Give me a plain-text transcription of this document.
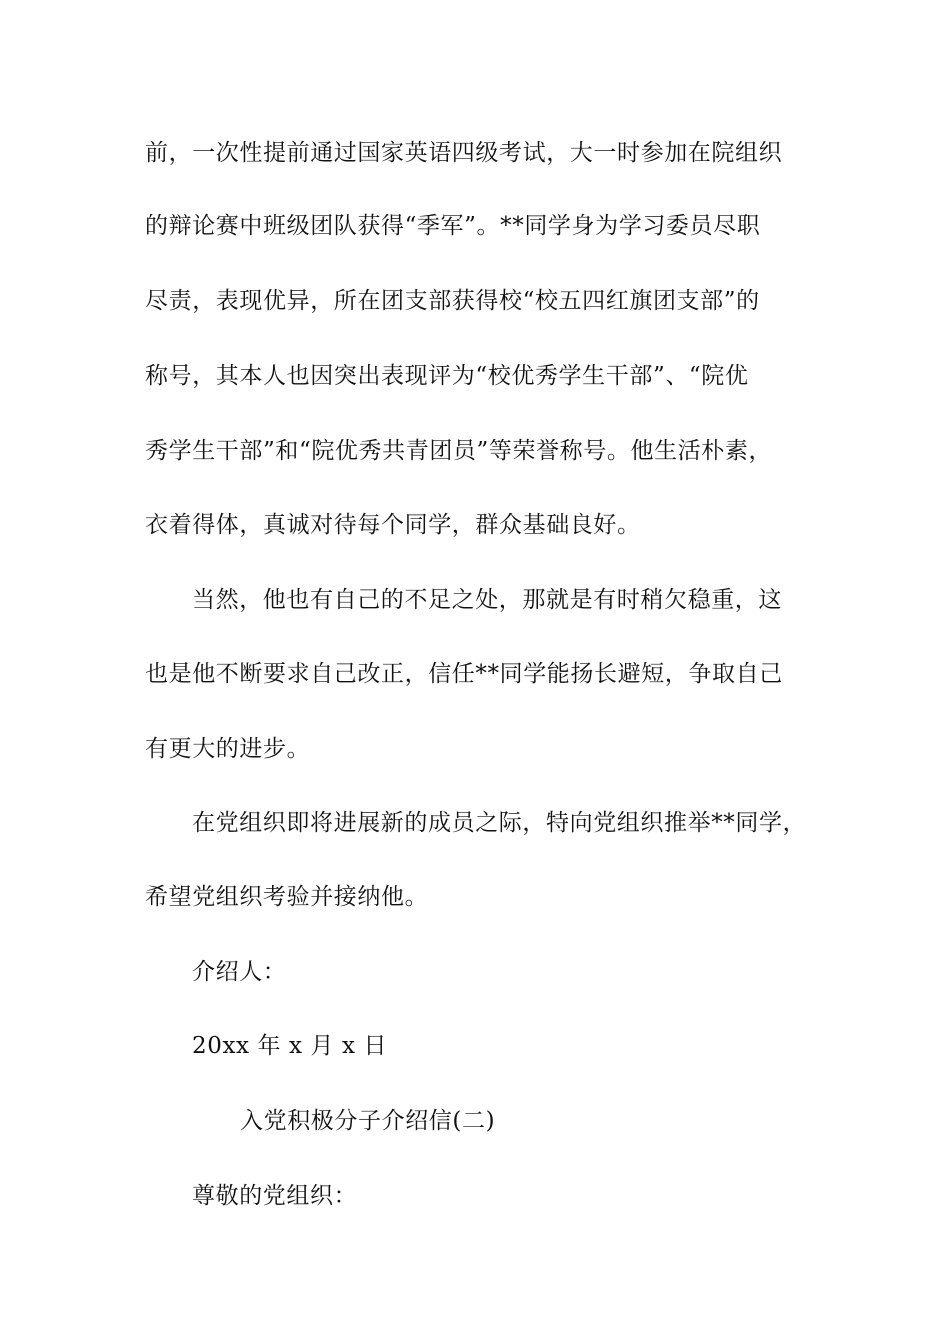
前，一次性提前通过国家英语四级考试，大一时参加在院组织
的辩论赛中班级团队获得“季军”。**同学身为学习委员尽职
尽责，表现优异，所在团支部获得校“校五四红旗团支部”的
称号，其本人也因突出表现评为“校优秀学生干部”、“院优
秀学生干部”和“院优秀共青团员”等荣誉称号。他生活朴素，
衣着得体，真诚对待每个同学，群众基础良好。
当然，他也有自己的不足之处，那就是有时稍欠稳重，这
也是他不断要求自己改正，信任**同学能扬长避短，争取自己
有更大的进步。
在党组织即将进展新的成员之际，特向党组织推举**同学，
希望党组织考验并接纳他。
介绍人：
20xx 年 x 月 x 日
入党积极分子介绍信(二)
尊敬的党组织：
